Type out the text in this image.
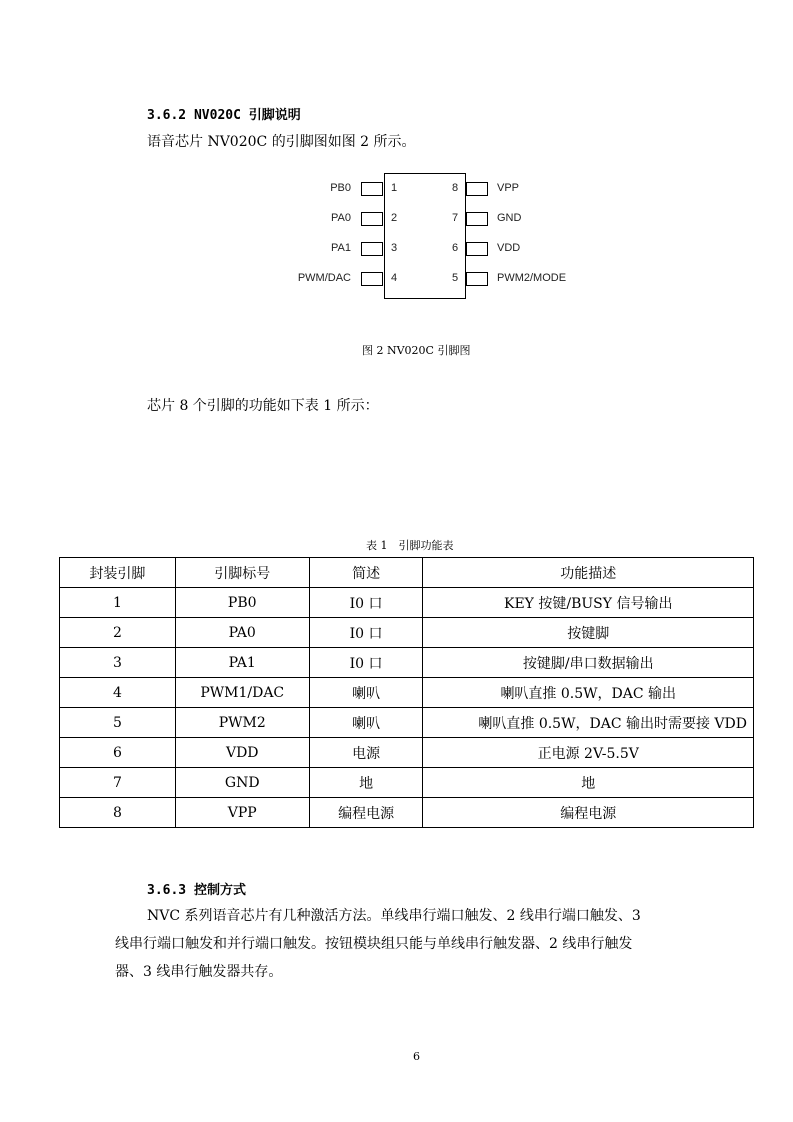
3.6.2 NV020C 引脚说明
语音芯片 NV020C 的引脚图如图 2 所示。
PB0	1
PA0	2
PA1	3
PWM/DAC	4
8	VPP
7	GND
6	VDD
5	PWM2/MODE
图 2 NV020C 引脚图
芯片 8 个引脚的功能如下表 1 所示：
表 1　引脚功能表
封装引脚	引脚标号	简述	功能描述
1	PB0	I0 口	KEY 按键/BUSY 信号输出
2	PA0	I0 口	按键脚
3	PA1	I0 口	按键脚/串口数据输出
4	PWM1/DAC	喇叭	喇叭直推 0.5W，DAC 输出
5	PWM2	喇叭	喇叭直推 0.5W，DAC 输出时需要接 VDD
6	VDD	电源	正电源 2V-5.5V
7	GND	地	地
8	VPP	编程电源	编程电源
3.6.3 控制方式
NVC 系列语音芯片有几种激活方法。单线串行端口触发、2 线串行端口触发、3
线串行端口触发和并行端口触发。按钮模块组只能与单线串行触发器、2 线串行触发
器、3 线串行触发器共存。
6
